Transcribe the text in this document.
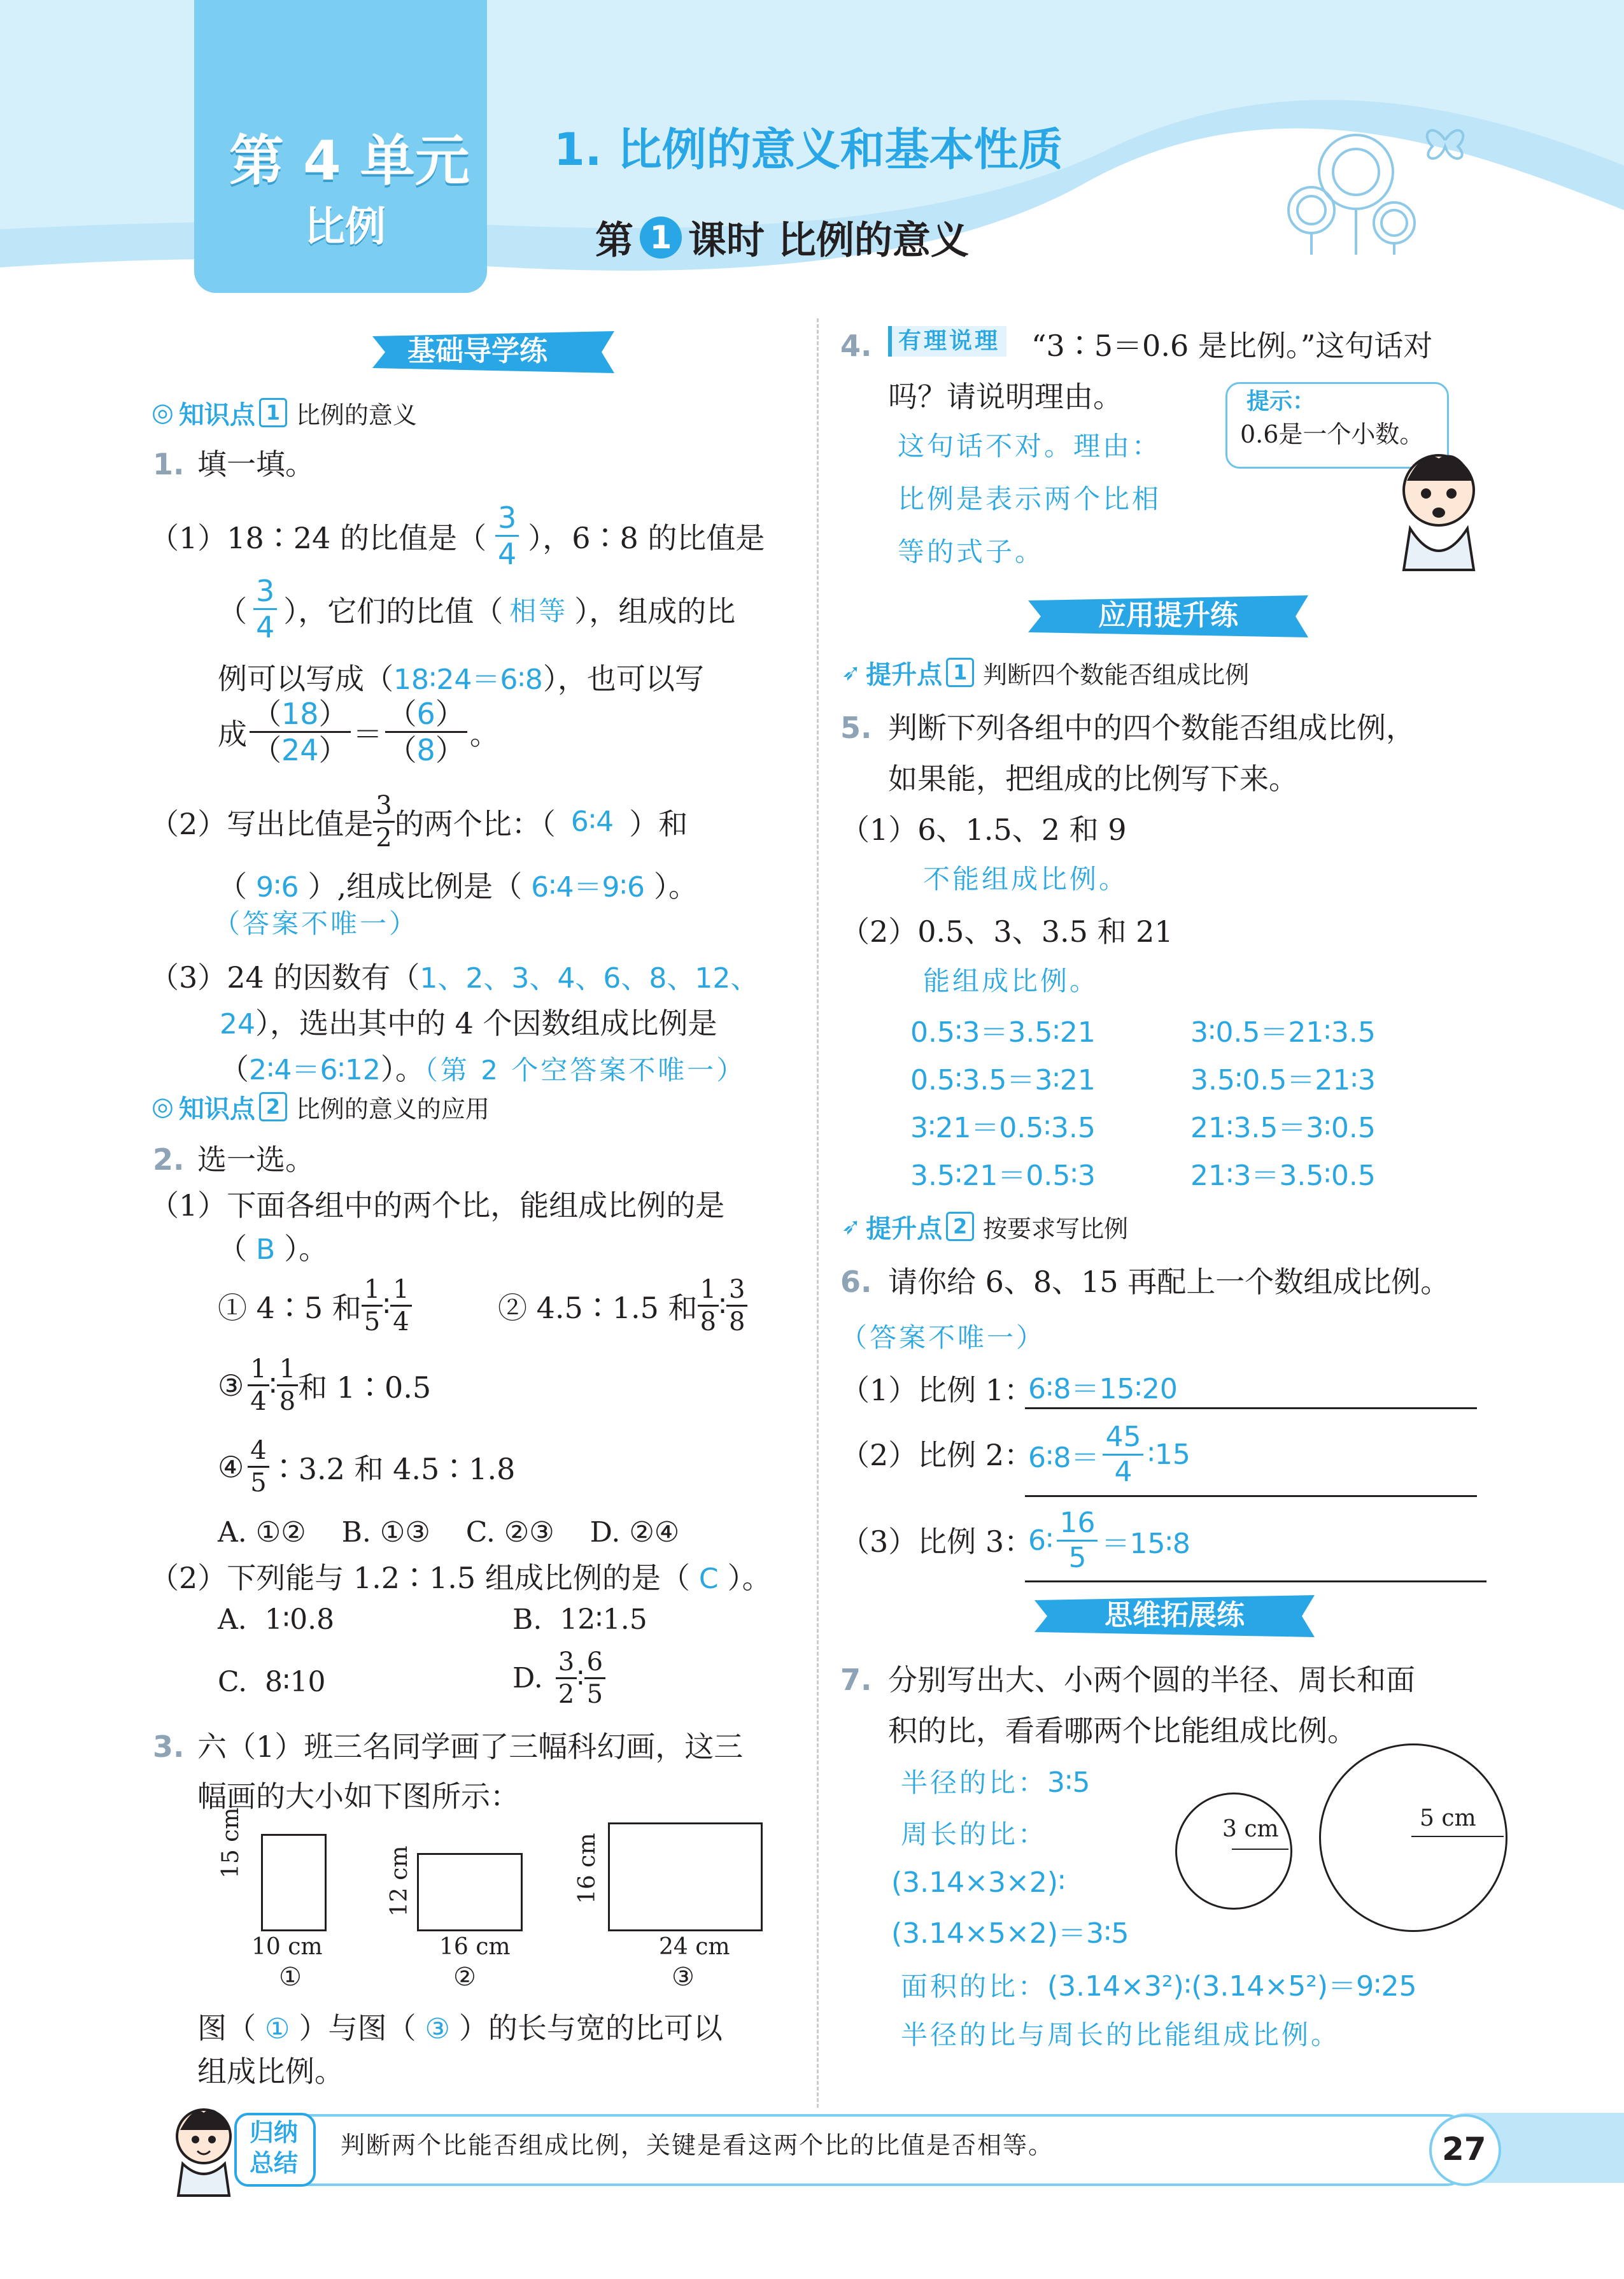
第 4 单元
比例
1. 比例的意义和基本性质
第 1 课时 比例的意义
基础导学练
◎ 知识点 1 比例的意义
1. 填一填。
（1）18∶24 的比值是（ $\frac{3}{4}$ ），6∶8 的比值是
（ $\frac{3}{4}$ ），它们的比值（ 相等 ），组成的比
例可以写成（18∶24＝6∶8），也可以写
成 $\frac{(18)}{(24)} = \frac{(6)}{(8)}$ 。
（2）写出比值是 $\frac{3}{2}$ 的两个比：（ 6∶4 ）和
（ 9∶6 ）,组成比例是（ 6∶4＝9∶6 ）。
（答案不唯一）
（3）24 的因数有（1、2、3、4、6、8、12、
24），选出其中的 4 个因数组成比例是
（2∶4＝6∶12）。（第 2 个空答案不唯一）
◎ 知识点 2 比例的意义的应用
2. 选一选。
（1）下面各组中的两个比，能组成比例的是
（ B ）。
① 4∶5 和 $\frac{1}{5}$ ∶ $\frac{1}{4}$	② 4.5∶1.5 和 $\frac{1}{8}$ ∶ $\frac{3}{8}$
③ $\frac{1}{4}$ ∶ $\frac{1}{8}$ 和 1∶0.5
④ $\frac{4}{5}$ ∶3.2 和 4.5∶1.8
A. ①②    B. ①③    C. ②③    D. ②④
（2）下列能与 1.2∶1.5 组成比例的是（ C ）。
A.  1∶0.8	B.  12∶1.5
C.  8∶10	D. $\frac{3}{2}$ ∶ $\frac{6}{5}$
3. 六（1）班三名同学画了三幅科幻画，这三
幅画的大小如下图所示：
15 cm
10 cm
①
12 cm
16 cm
②
16 cm
24 cm
③
图（ ① ）与图（ ③ ）的长与宽的比可以
组成比例。
4.	有理说理 “3∶5＝0.6 是比例。”这句话对
吗？请说明理由。
这句话不对。理由：
比例是表示两个比相
等的式子。
提示：
0.6是一个小数。
应用提升练
➶ 提升点 1 判断四个数能否组成比例
5. 判断下列各组中的四个数能否组成比例，
如果能，把组成的比例写下来。
（1）6、1.5、2 和 9
不能组成比例。
（2）0.5、3、3.5 和 21
能组成比例。
0.5∶3＝3.5∶21	3∶0.5＝21∶3.5
0.5∶3.5＝3∶21	3.5∶0.5＝21∶3
3∶21＝0.5∶3.5	21∶3.5＝3∶0.5
3.5∶21＝0.5∶3	21∶3＝3.5∶0.5
➶ 提升点 2 按要求写比例
6. 请你给 6、8、15 再配上一个数组成比例。
（答案不唯一）
（1）比例 1：
6∶8＝15∶20
（2）比例 2：
6∶8＝ $\frac{45}{4}$ ∶15
（3）比例 3：
6∶ $\frac{16}{5}$ ＝15∶8
思维拓展练
7. 分别写出大、小两个圆的半径、周长和面
积的比，看看哪两个比能组成比例。
半径的比：3∶5
周长的比：
(3.14×3×2)∶
(3.14×5×2)＝3∶5
面积的比：(3.14×3²)∶(3.14×5²)＝9∶25
半径的比与周长的比能组成比例。
3 cm	5 cm
归纳
总结
判断两个比能否组成比例，关键是看这两个比的比值是否相等。	27
